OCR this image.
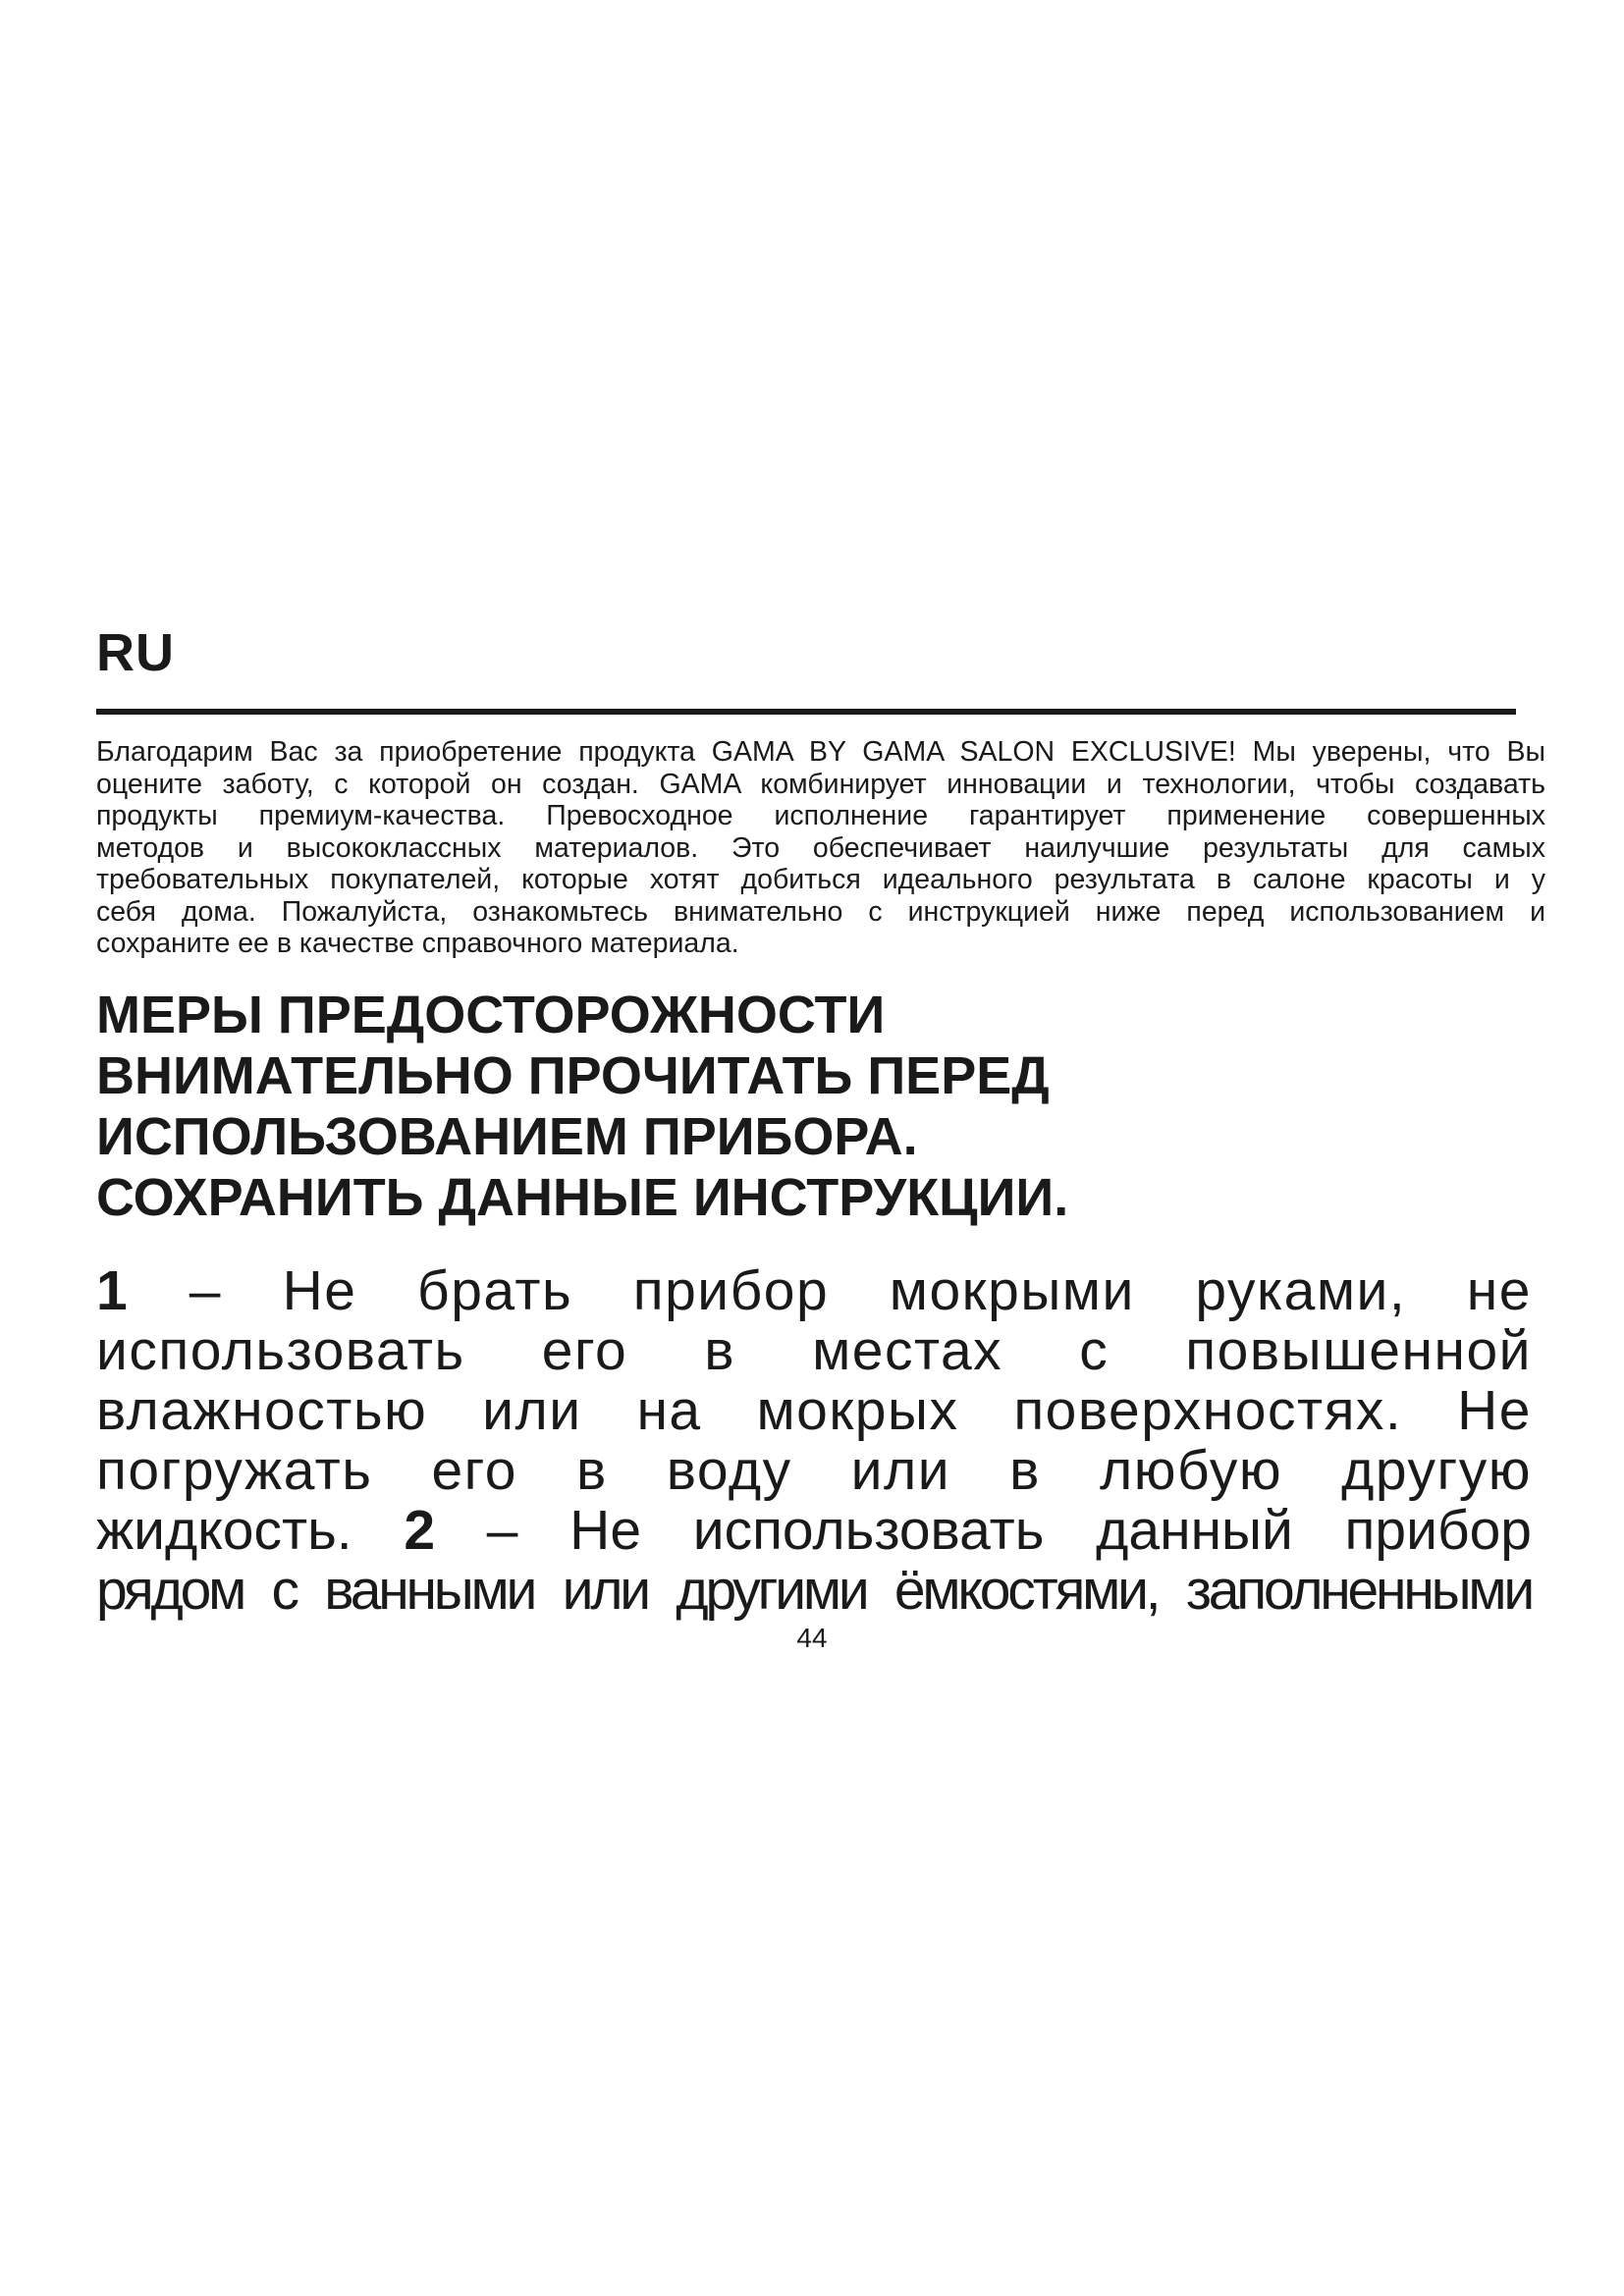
RU

Благодарим Вас за приобретение продукта GAMA BY GAMA SALON EXCLUSIVE! Мы уверены, что Вы
оцените заботу, с которой он создан. GAMA комбинирует инновации и технологии, чтобы создавать
продукты премиум-качества. Превосходное исполнение гарантирует применение совершенных
методов и высококлассных материалов. Это обеспечивает наилучшие результаты для самых
требовательных покупателей, которые хотят добиться идеального результата в салоне красоты и у
себя дома. Пожалуйста, ознакомьтесь внимательно с инструкцией ниже перед использованием и
сохраните ее в качестве справочного материала.

МЕРЫ ПРЕДОСТОРОЖНОСТИ
ВНИМАТЕЛЬНО ПРОЧИТАТЬ ПЕРЕД
ИСПОЛЬЗОВАНИЕМ ПРИБОРА.
СОХРАНИТЬ ДАННЫЕ ИНСТРУКЦИИ.

1 – Не брать прибор мокрыми руками, не
использовать его в местах с повышенной
влажностью или на мокрых поверхностях. Не
погружать его в воду или в любую другую
жидкость. 2 – Не использовать данный прибор
рядом с ванными или другими ёмкостями, заполненными

44
